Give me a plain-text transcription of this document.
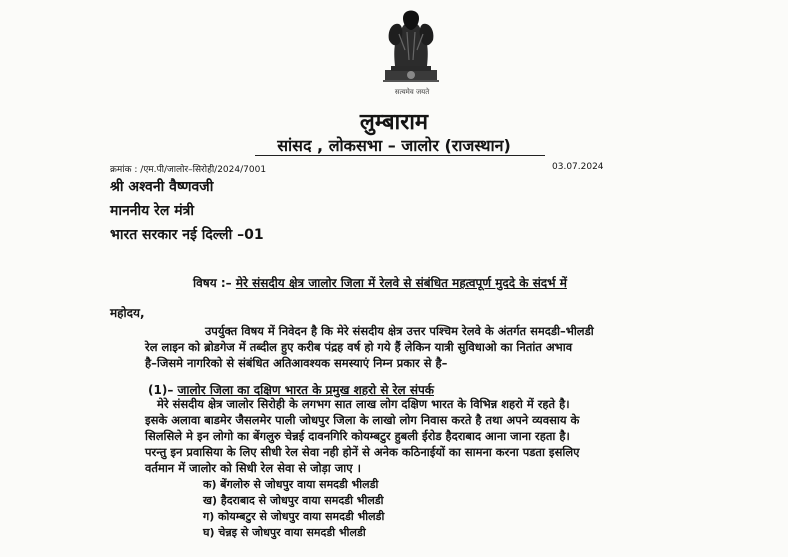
सत्यमेव जयते
लुम्बाराम
सांसद , लोकसभा – जालोर (राजस्थान)
क्रमांक : /एम.पी/जालोर–सिरोही/2024/7001	03.07.2024
श्री अश्वनी वैष्णवजी
माननीय रेल मंत्री
भारत सरकार नई दिल्ली –01
विषय :– मेरे संसदीय क्षेत्र जालोर जिला में रेलवे से संबंधित महत्वपूर्ण मुददे के संदर्भ में
महोदय,
उपर्युक्त विषय में निवेदन है कि मेरे संसदीय क्षेत्र उत्तर पश्चिम रेलवे के अंतर्गत समदडी–भीलडी
रेल लाइन को ब्रोडगेज में तब्दील हुए करीब पंद्रह वर्ष हो गये हैं लेकिन यात्री सुविधाओ का नितांत अभाव
है–जिसमे नागरिको से संबंधित अतिआवश्यक समस्याएं निम्न प्रकार से है–
(1)– जालोर जिला का दक्षिण भारत के प्रमुख शहरो से रेल संपर्क
मेरे संसदीय क्षेत्र जालोर सिरोही के लगभग सात लाख लोग दक्षिण भारत के विभिन्न शहरो में रहते है।
इसके अलावा बाडमेर जैसलमेर पाली जोधपुर जिला के लाखो लोग निवास करते है तथा अपने व्यवसाय के
सिलसिले मे इन लोगो का बेंगलुरु चेन्नई दावनगिरि कोयम्बटुर हुबली ईरोड हैदराबाद आना जाना रहता है।
परन्तु इन प्रवासिया के लिए सीधी रेल सेवा नही होनें से अनेक कठिनाईयों का सामना करना पडता इसलिए
वर्तमान में जालोर को सिधी रेल सेवा से जोड़ा जाए ।
क) बेंगलोरु से जोधपुर वाया समदडी भीलडी
ख) हैदराबाद से जोधपुर वाया समदडी भीलडी
ग) कोयम्बटुर से जोधपुर वाया समदडी भीलडी
घ) चेन्नइ से जोधपुर वाया समदडी भीलडी
